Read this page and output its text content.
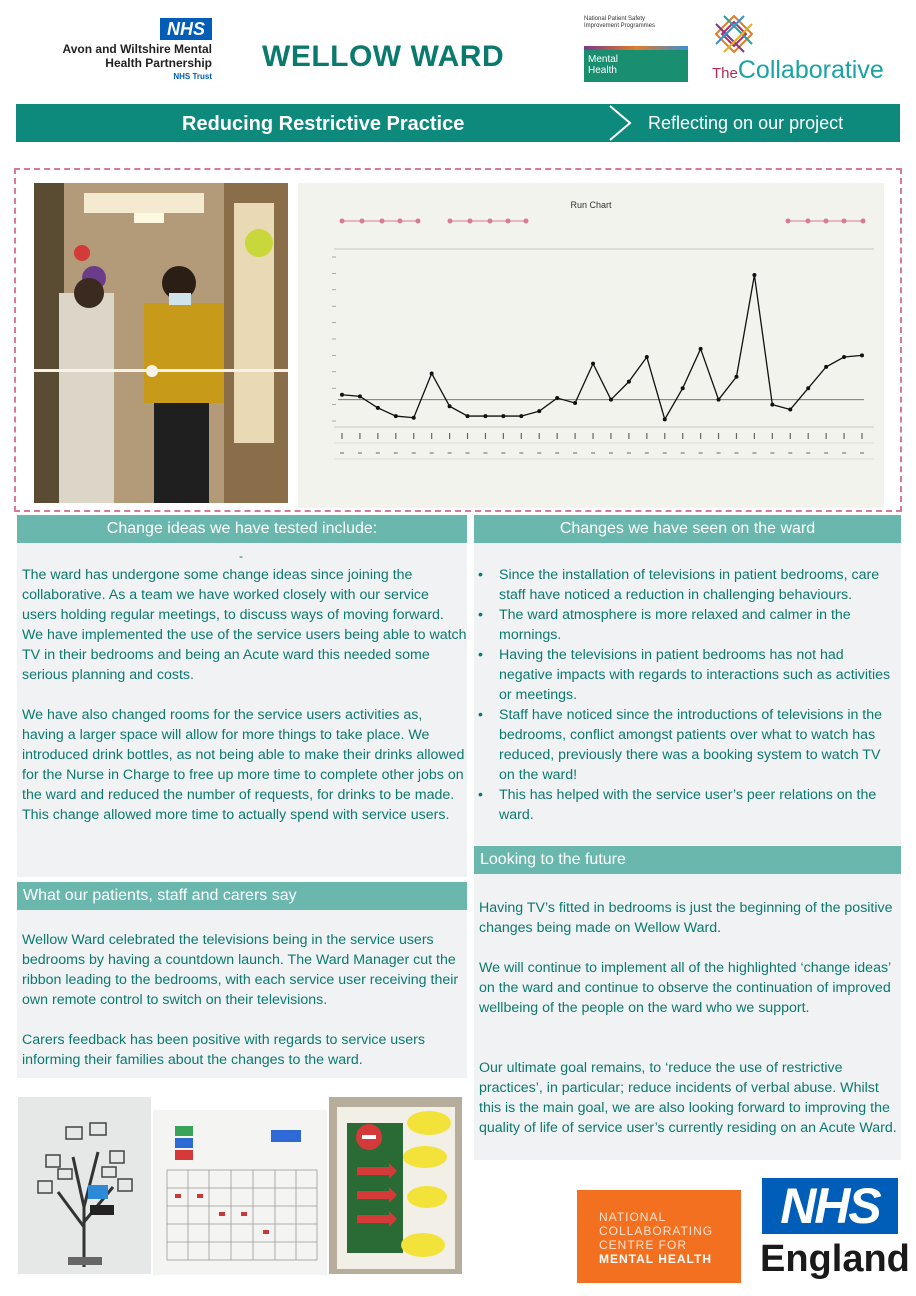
NHS
Avon and Wiltshire Mental
Health Partnership
NHS Trust
WELLOW WARD
National Patient Safety
Improvement Programmes
Mental
Health	TheCollaborative
Reducing Restrictive Practice	Reflecting on our project
Run Chart
Change ideas we have tested include:
-
The ward has undergone some change ideas since joining the collaborative. As a team we have worked closely with our service users holding regular meetings, to discuss ways of moving forward. We have implemented the use of the service users being able to watch TV in their bedrooms and being an Acute ward this needed some serious planning and costs.
We have also changed rooms for the service users activities as, having a larger space will allow for more things to take place. We introduced drink bottles, as not being able to make their drinks allowed for the Nurse in Charge to free up more time to complete other jobs on the ward and reduced the number of requests, for drinks to be made. This change allowed more time to actually spend with service users.
Changes we have seen on the ward
• Since the installation of televisions in patient bedrooms, care staff have noticed a reduction in challenging behaviours.
• The ward atmosphere is more relaxed and calmer in the mornings.
• Having the televisions in patient bedrooms has not had negative impacts with regards to interactions such as activities or meetings.
• Staff have noticed since the introductions of televisions in the bedrooms, conflict amongst patients over what to watch has reduced, previously there was a booking system to watch TV on the ward!
• This has helped with the service user’s peer relations on the ward.
Looking to the future
Having TV’s fitted in bedrooms is just the beginning of the positive changes being made on Wellow Ward.
We will continue to implement all of the highlighted ‘change ideas’ on the ward and continue to observe the continuation of improved wellbeing of the people on the ward who we support.
Our ultimate goal remains, to ‘reduce the use of restrictive practices’, in particular; reduce incidents of verbal abuse. Whilst this is the main goal, we are also looking forward to improving the quality of life of service user’s currently residing on an Acute Ward.
What our patients, staff and carers say
Wellow Ward celebrated the televisions being in the service users bedrooms by having a countdown launch. The Ward Manager cut the ribbon leading to the bedrooms, with each service user receiving their own remote control to switch on their televisions.
Carers feedback has been positive with regards to service users informing their families about the changes to the ward.
NATIONAL
COLLABORATING
CENTRE FOR
MENTAL HEALTH
NHS
England
